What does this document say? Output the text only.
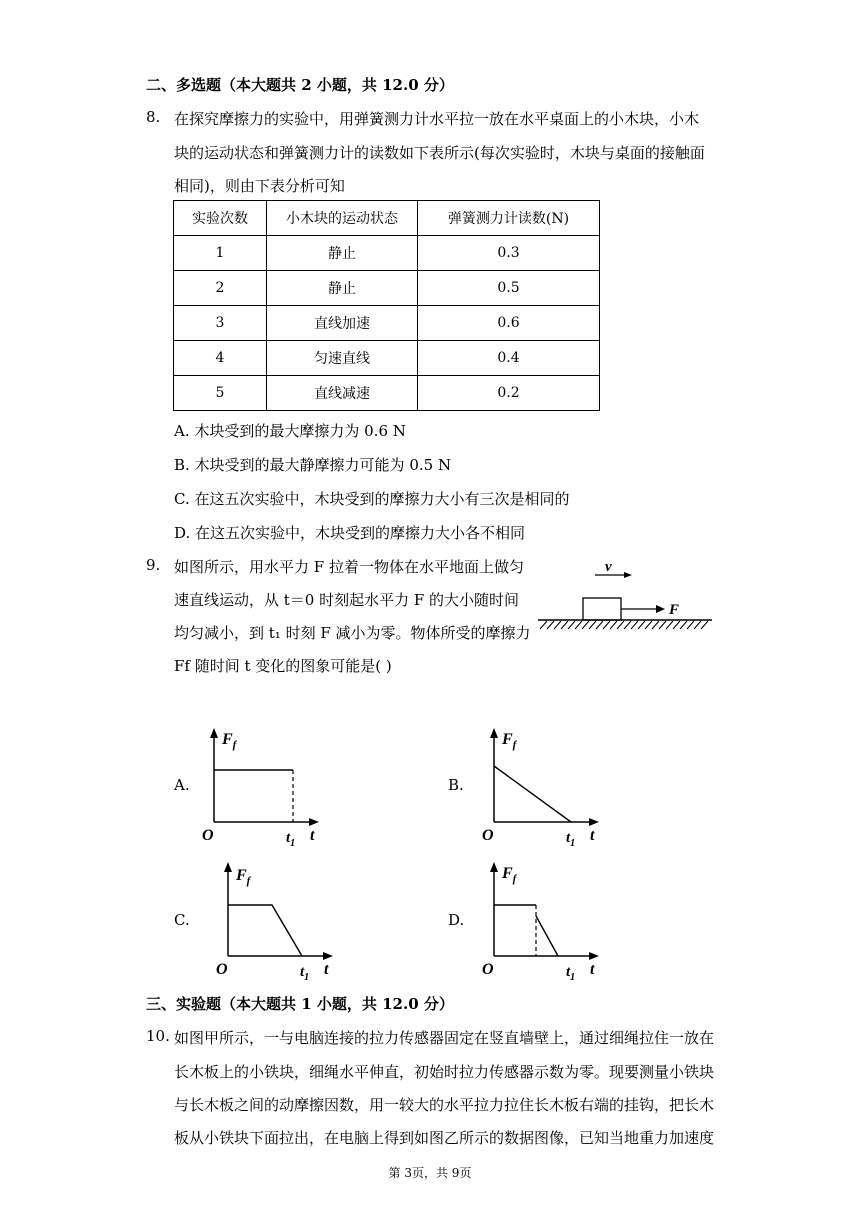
二、多选题（本大题共 2 小题，共 12.0 分）
8. 在探究摩擦力的实验中，用弹簧测力计水平拉一放在水平桌面上的小木块，小木
块的运动状态和弹簧测力计的读数如下表所示(每次实验时，木块与桌面的接触面
相同)，则由下表分析可知
实验次数	小木块的运动状态	弹簧测力计读数(N)
1	静止	0.3
2	静止	0.5
3	直线加速	0.6
4	匀速直线	0.4
5	直线减速	0.2
A. 木块受到的最大摩擦力为 0.6 N
B. 木块受到的最大静摩擦力可能为 0.5 N
C. 在这五次实验中，木块受到的摩擦力大小有三次是相同的
D. 在这五次实验中，木块受到的摩擦力大小各不相同
9. 如图所示，用水平力 F 拉着一物体在水平地面上做匀
速直线运动，从 t＝0 时刻起水平力 F 的大小随时间
均匀减小，到 t₁ 时刻 F 减小为零。物体所受的摩擦力
Ff 随时间 t 变化的图象可能是( )
v
F
A.	B.
C.	D.
$F_f$
O	$t_1$ t
$F_f$
O	$t_1$ t
$F_f$
O	$t_1$ t
$F_f$
O	$t_1$ t
三、实验题（本大题共 1 小题，共 12.0 分）
10. 如图甲所示，一与电脑连接的拉力传感器固定在竖直墙壁上，通过细绳拉住一放在
长木板上的小铁块，细绳水平伸直，初始时拉力传感器示数为零。现要测量小铁块
与长木板之间的动摩擦因数，用一较大的水平拉力拉住长木板右端的挂钩，把长木
板从小铁块下面拉出，在电脑上得到如图乙所示的数据图像，已知当地重力加速度
第 3页，共 9页
